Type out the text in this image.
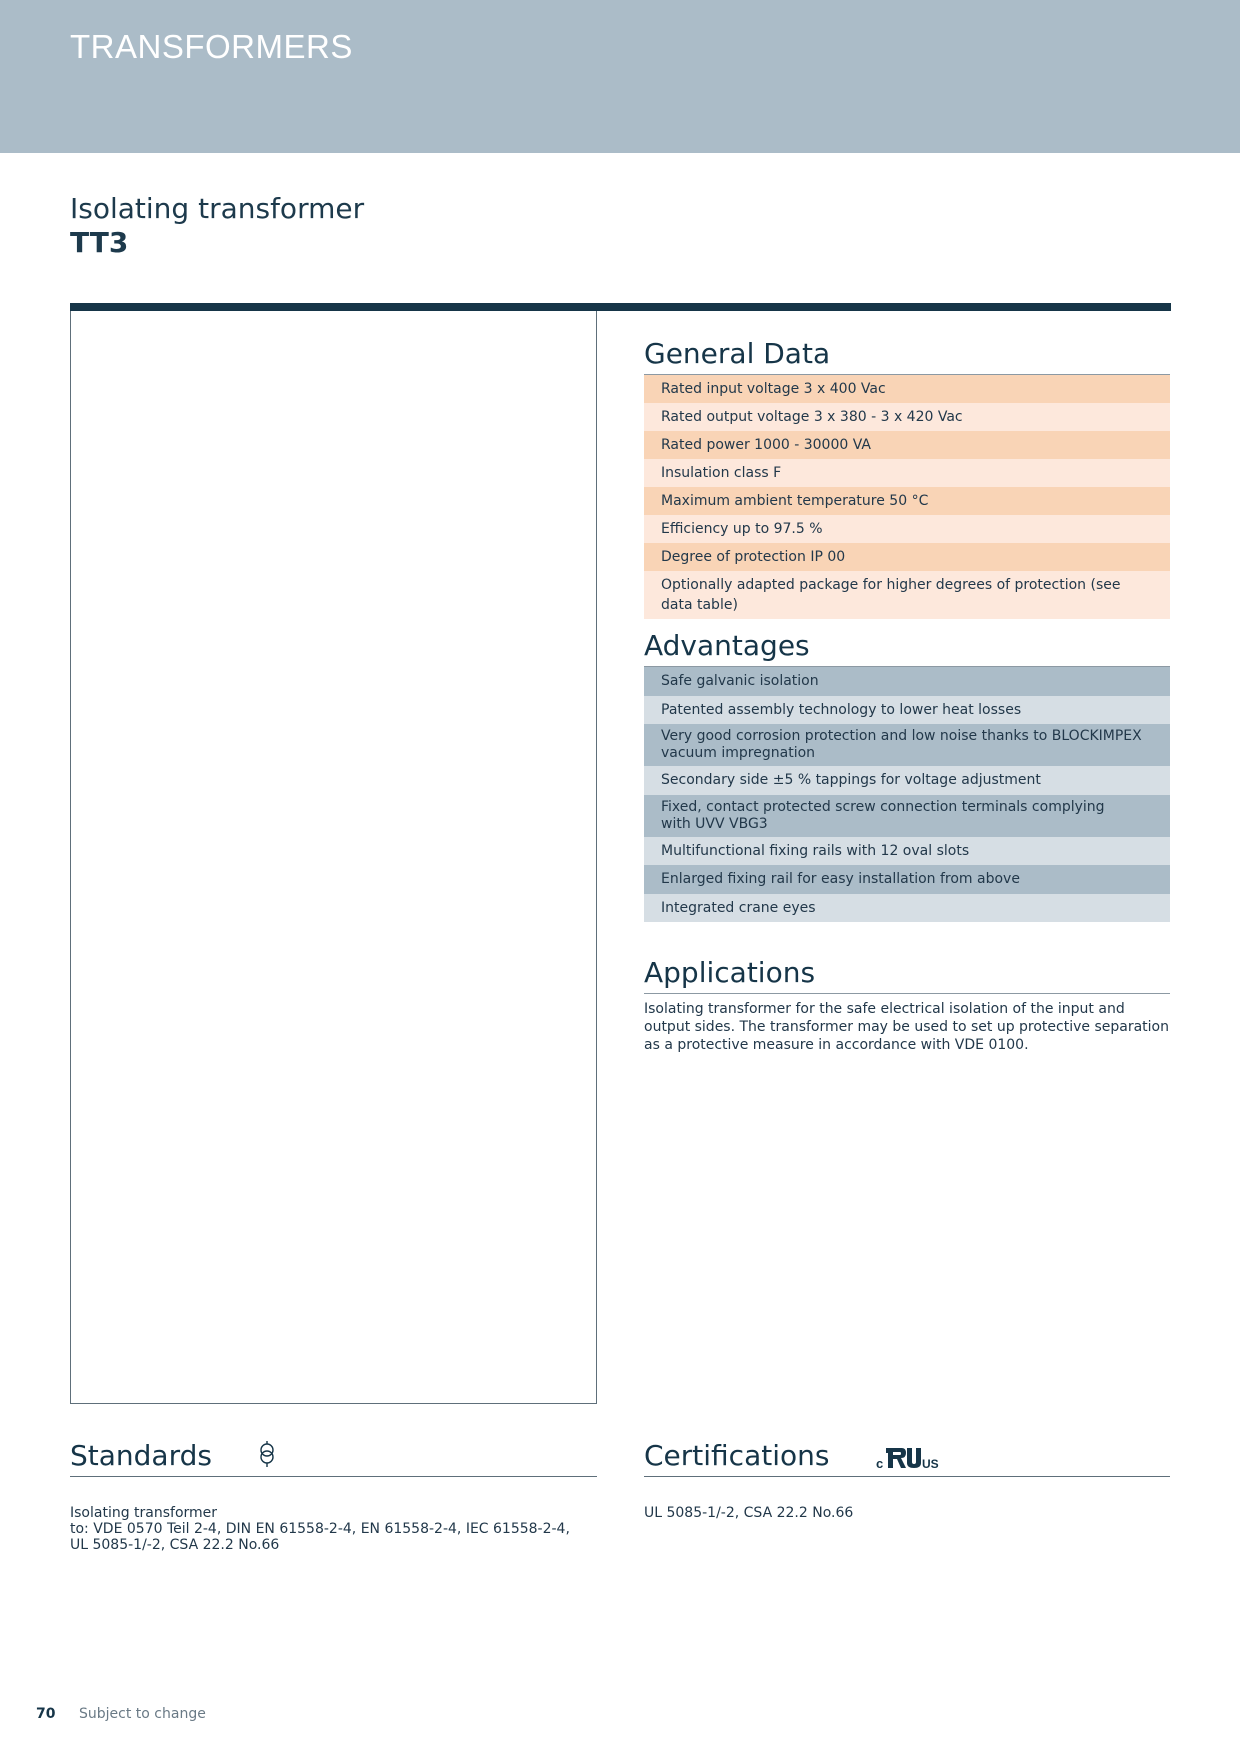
TRANSFORMERS
Isolating transformer
TT3
General Data
Rated input voltage 3 x 400 Vac
Rated output voltage 3 x 380 - 3 x 420 Vac
Rated power 1000 - 30000 VA
Insulation class F
Maximum ambient temperature 50 °C
Efficiency up to 97.5 %
Degree of protection IP 00
Optionally adapted package for higher degrees of protection (see data table)
Advantages
Safe galvanic isolation
Patented assembly technology to lower heat losses
Very good corrosion protection and low noise thanks to BLOCKIMPEX
vacuum impregnation
Secondary side ±5 % tappings for voltage adjustment
Fixed, contact protected screw connection terminals complying
with UVV VBG3
Multifunctional fixing rails with 12 oval slots
Enlarged fixing rail for easy installation from above
Integrated crane eyes
Applications
Isolating transformer for the safe electrical isolation of the input and output sides. The transformer may be used to set up protective separation as a protective measure in accordance with VDE 0100.
Standards
Isolating transformer
to: VDE 0570 Teil 2-4, DIN EN 61558-2-4, EN 61558-2-4, IEC 61558-2-4,
UL 5085-1/-2, CSA 22.2 No.66
Certifications	c	US
UL 5085-1/-2, CSA 22.2 No.66
70 Subject to change
